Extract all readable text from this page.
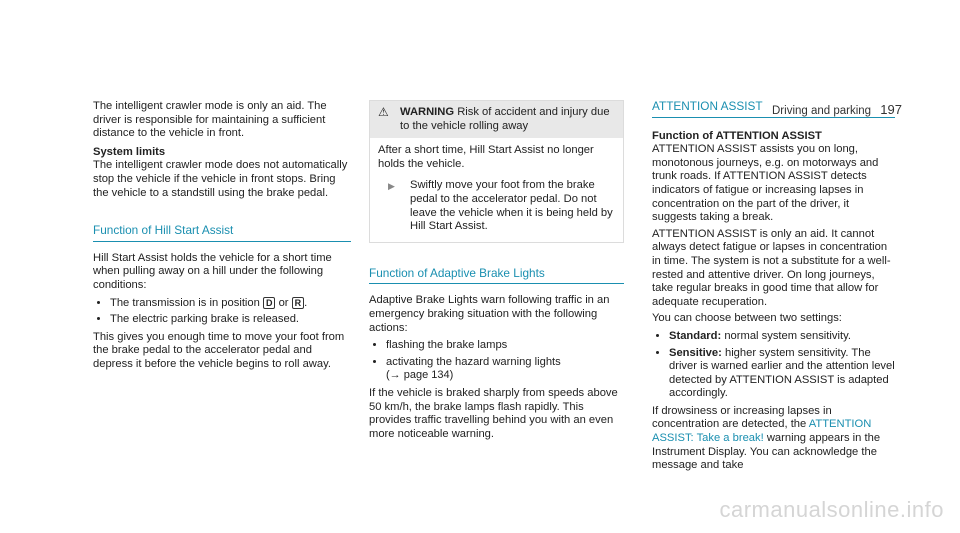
Driving and parking 197

The intelligent crawler mode is only an aid. The driver is responsible for maintaining a sufficient distance to the vehicle in front.

System limits

The intelligent crawler mode does not automatically stop the vehicle if the vehicle in front stops. Bring the vehicle to a standstill using the brake pedal.

Function of Hill Start Assist

Hill Start Assist holds the vehicle for a short time when pulling away on a hill under the following conditions:

• The transmission is in position D or R .
• The electric parking brake is released.

This gives you enough time to move your foot from the brake pedal to the accelerator pedal and depress it before the vehicle begins to roll away.

⚠	WARNING Risk of accident and injury due to the vehicle rolling away

After a short time, Hill Start Assist no longer holds the vehicle.

▶	Swiftly move your foot from the brake pedal to the accelerator pedal. Do not leave the vehicle when it is being held by Hill Start Assist.
Function of Adaptive Brake Lights

Adaptive Brake Lights warn following traffic in an emergency braking situation with the following actions:

• flashing the brake lamps
• activating the hazard warning lights
(→ page 134)

If the vehicle is braked sharply from speeds above 50 km/h, the brake lamps flash rapidly. This provides traffic travelling behind you with an even more noticeable warning.

ATTENTION ASSIST

Function of ATTENTION ASSIST

ATTENTION ASSIST assists you on long, monotonous journeys, e.g. on motorways and trunk roads. If ATTENTION ASSIST detects indicators of fatigue or increasing lapses in concentration on the part of the driver, it suggests taking a break.

ATTENTION ASSIST is only an aid. It cannot always detect fatigue or lapses in concentration in time. The system is not a substitute for a well-rested and attentive driver. On long journeys, take regular breaks in good time that allow for adequate recuperation.

You can choose between two settings:

• Standard: normal system sensitivity.
• Sensitive: higher system sensitivity. The driver is warned earlier and the attention level detected by ATTENTION ASSIST is adapted accordingly.

If drowsiness or increasing lapses in concentration are detected, the ATTENTION ASSIST: Take a break! warning appears in the Instrument Display. You can acknowledge the message and take

carmanualsonline.info
